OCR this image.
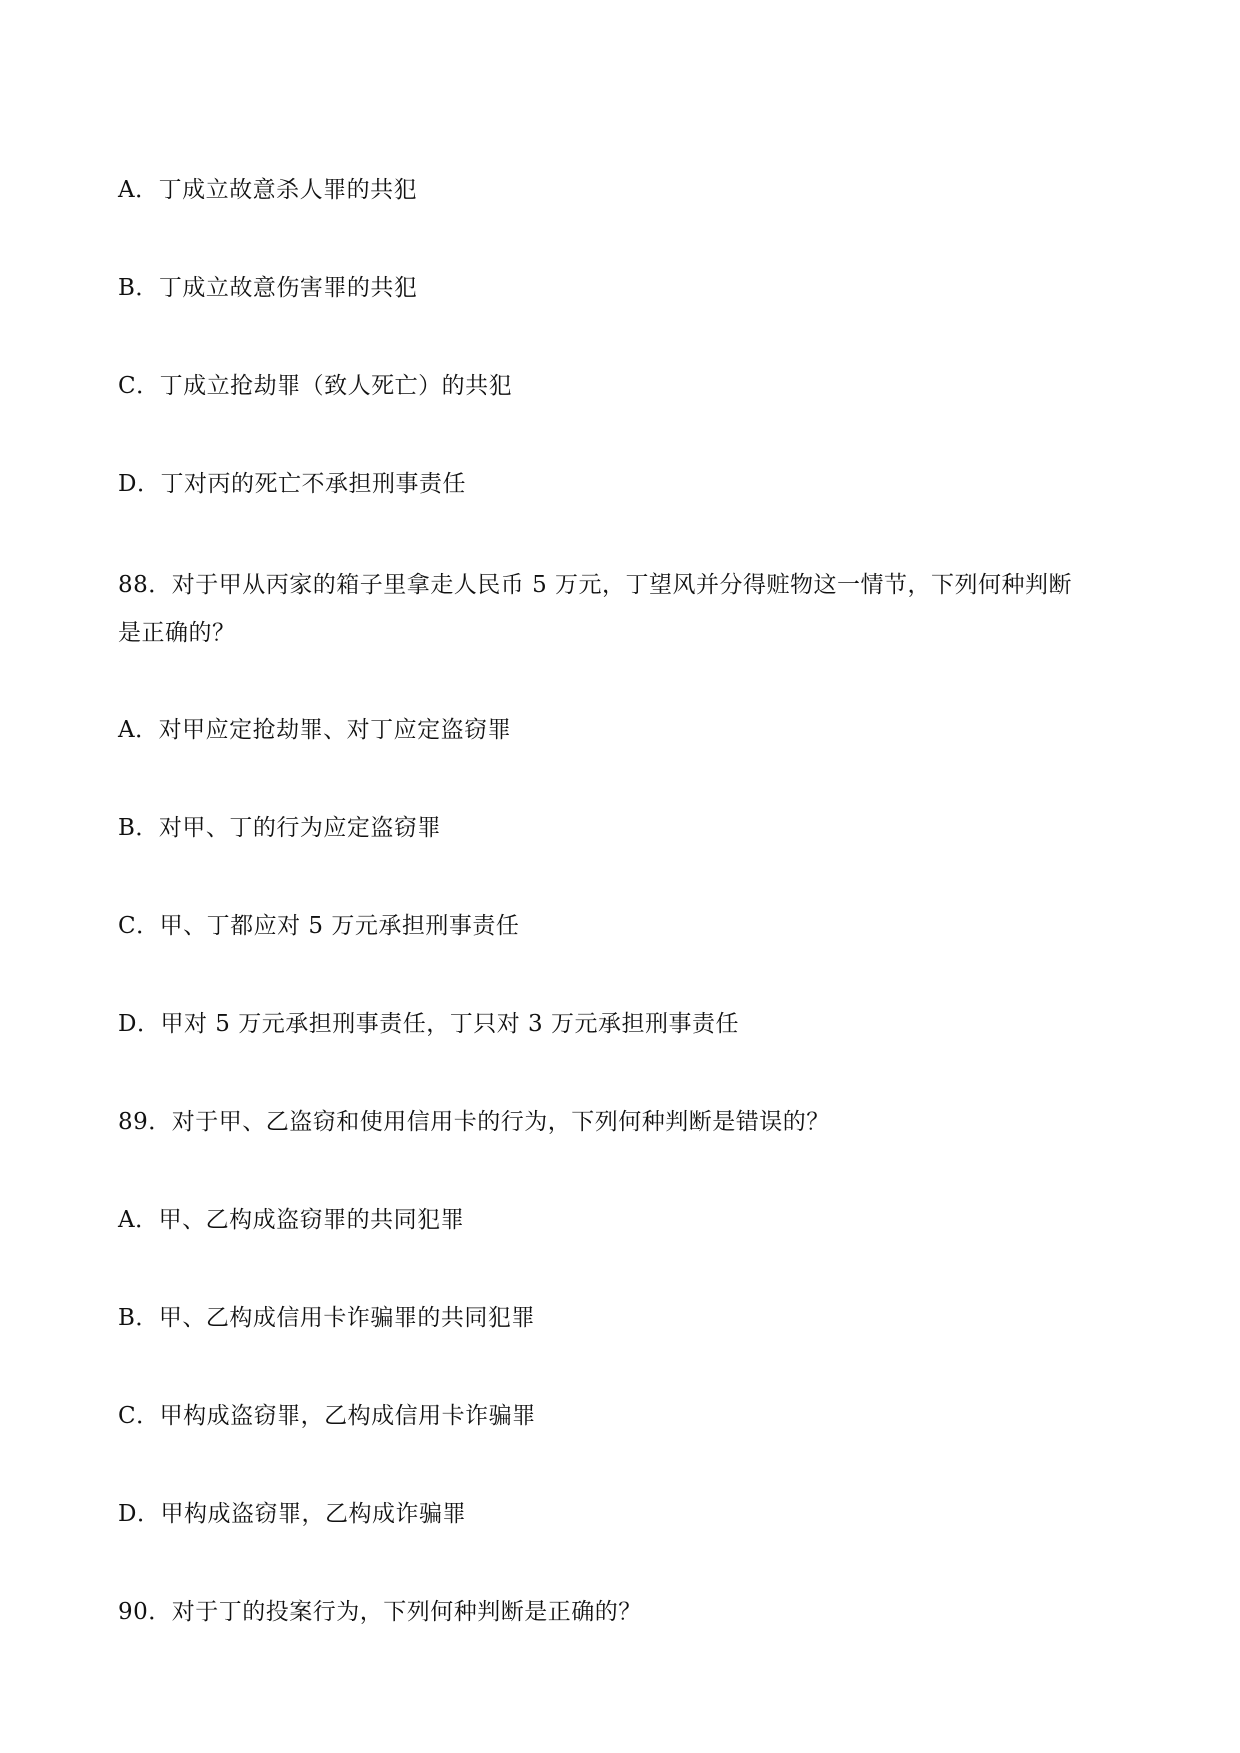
A．丁成立故意杀人罪的共犯
B．丁成立故意伤害罪的共犯
C．丁成立抢劫罪（致人死亡）的共犯
D．丁对丙的死亡不承担刑事责任
88．对于甲从丙家的箱子里拿走人民币 5 万元，丁望风并分得赃物这一情节，下列何种判断
是正确的？
A．对甲应定抢劫罪、对丁应定盗窃罪
B．对甲、丁的行为应定盗窃罪
C．甲、丁都应对 5 万元承担刑事责任
D．甲对 5 万元承担刑事责任，丁只对 3 万元承担刑事责任
89．对于甲、乙盗窃和使用信用卡的行为，下列何种判断是错误的？
A．甲、乙构成盗窃罪的共同犯罪
B．甲、乙构成信用卡诈骗罪的共同犯罪
C．甲构成盗窃罪，乙构成信用卡诈骗罪
D．甲构成盗窃罪，乙构成诈骗罪
90．对于丁的投案行为，下列何种判断是正确的？
